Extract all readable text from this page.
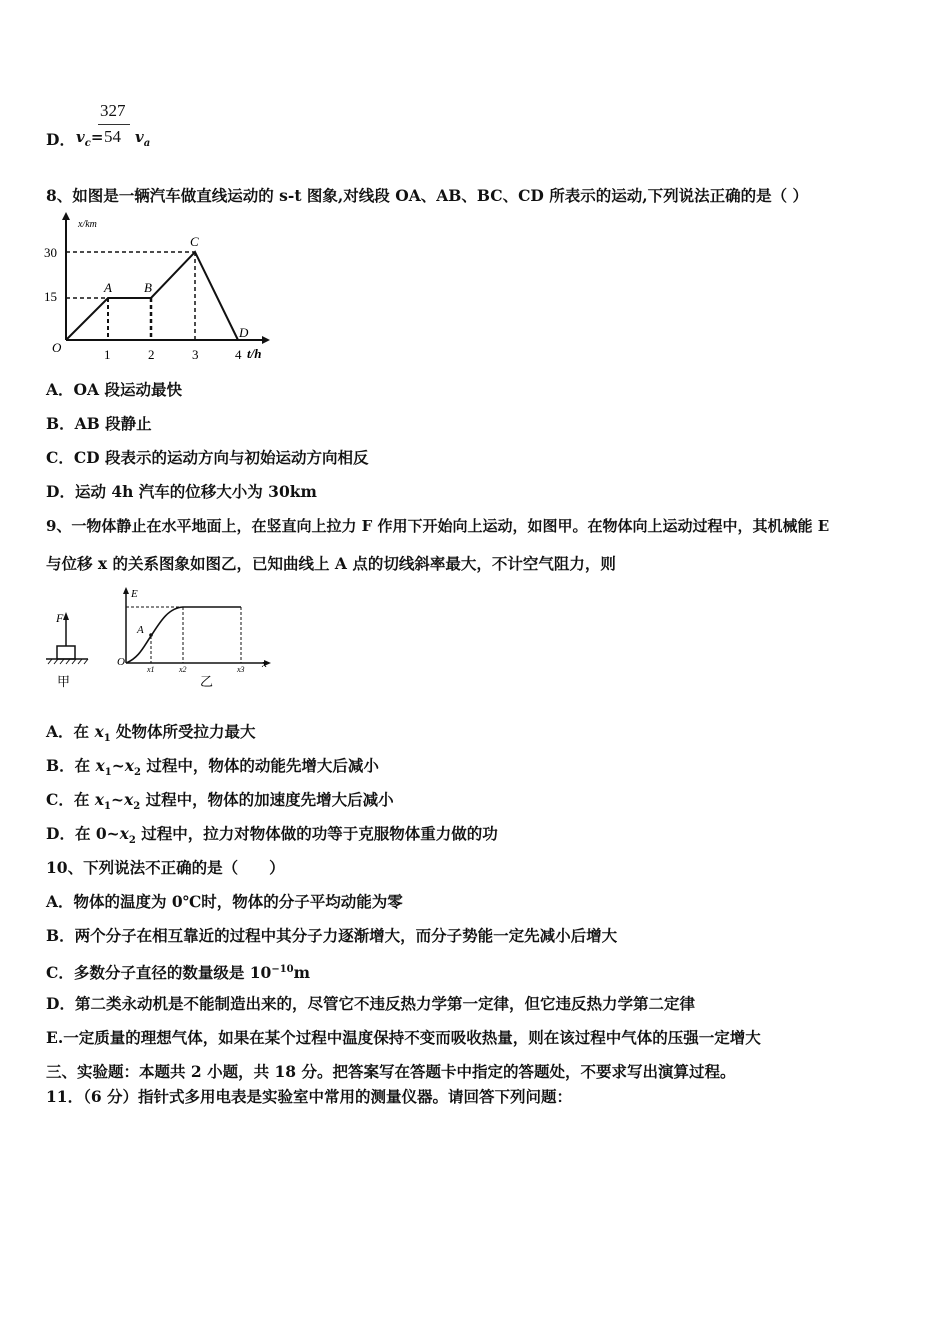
327
54
D． $v_c= v_a$
8、如图是一辆汽车做直线运动的 s-t 图象,对线段 OA、AB、BC、CD 所表示的运动,下列说法正确的是（ ）
x/km
t/h
O
30
15
1	2	3	4
A B
C
D
A．OA 段运动最快
B．AB 段静止
C．CD 段表示的运动方向与初始运动方向相反
D．运动 4h 汽车的位移大小为 30km
9、一物体静止在水平地面上，在竖直向上拉力 F 作用下开始向上运动，如图甲。在物体向上运动过程中，其机械能 E
与位移 x 的关系图象如图乙，已知曲线上 A 点的切线斜率最大，不计空气阻力，则
F
甲
E
x
O
A
x1	x2	x3
乙
A．在 $x_1$ 处物体所受拉力最大
B．在 $x_1\sim x_2$ 过程中，物体的动能先增大后减小
C．在 $x_1\sim x_2$ 过程中，物体的加速度先增大后减小
D．在 $0\sim x_2$ 过程中，拉力对物体做的功等于克服物体重力做的功
10、下列说法不正确的是（　　）
A．物体的温度为 0℃时，物体的分子平均动能为零
B．两个分子在相互靠近的过程中其分子力逐渐增大，而分子势能一定先减小后增大
C．多数分子直径的数量级是 $10^{-10}m$
D．第二类永动机是不能制造出来的，尽管它不违反热力学第一定律，但它违反热力学第二定律
E.一定质量的理想气体，如果在某个过程中温度保持不变而吸收热量，则在该过程中气体的压强一定增大
三、实验题：本题共 2 小题，共 18 分。把答案写在答题卡中指定的答题处，不要求写出演算过程。
11．（6 分）指针式多用电表是实验室中常用的测量仪器。请回答下列问题：
